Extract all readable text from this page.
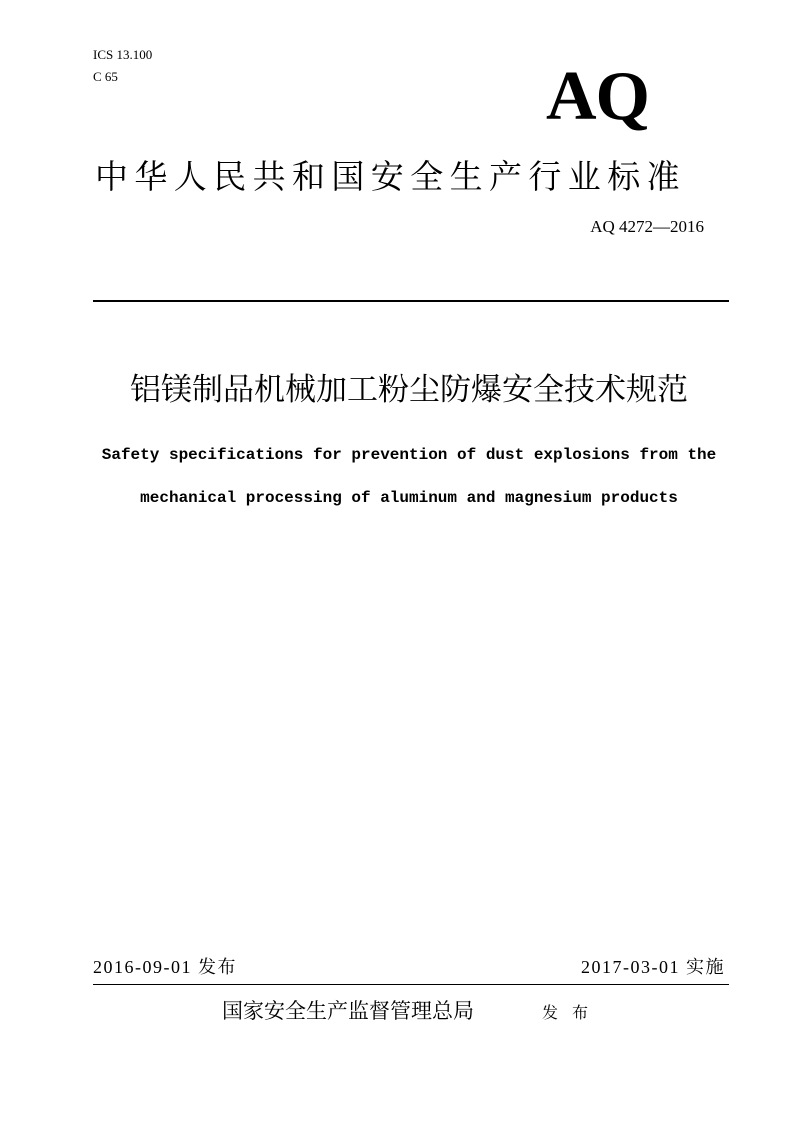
ICS 13.100
C 65	AQ
中华人民共和国安全生产行业标准
AQ 4272—2016
铝镁制品机械加工粉尘防爆安全技术规范
Safety specifications for prevention of dust explosions from the
mechanical processing of aluminum and magnesium products
2016-09-01 发布	2017-03-01 实施
国家安全生产监督管理总局	发布
